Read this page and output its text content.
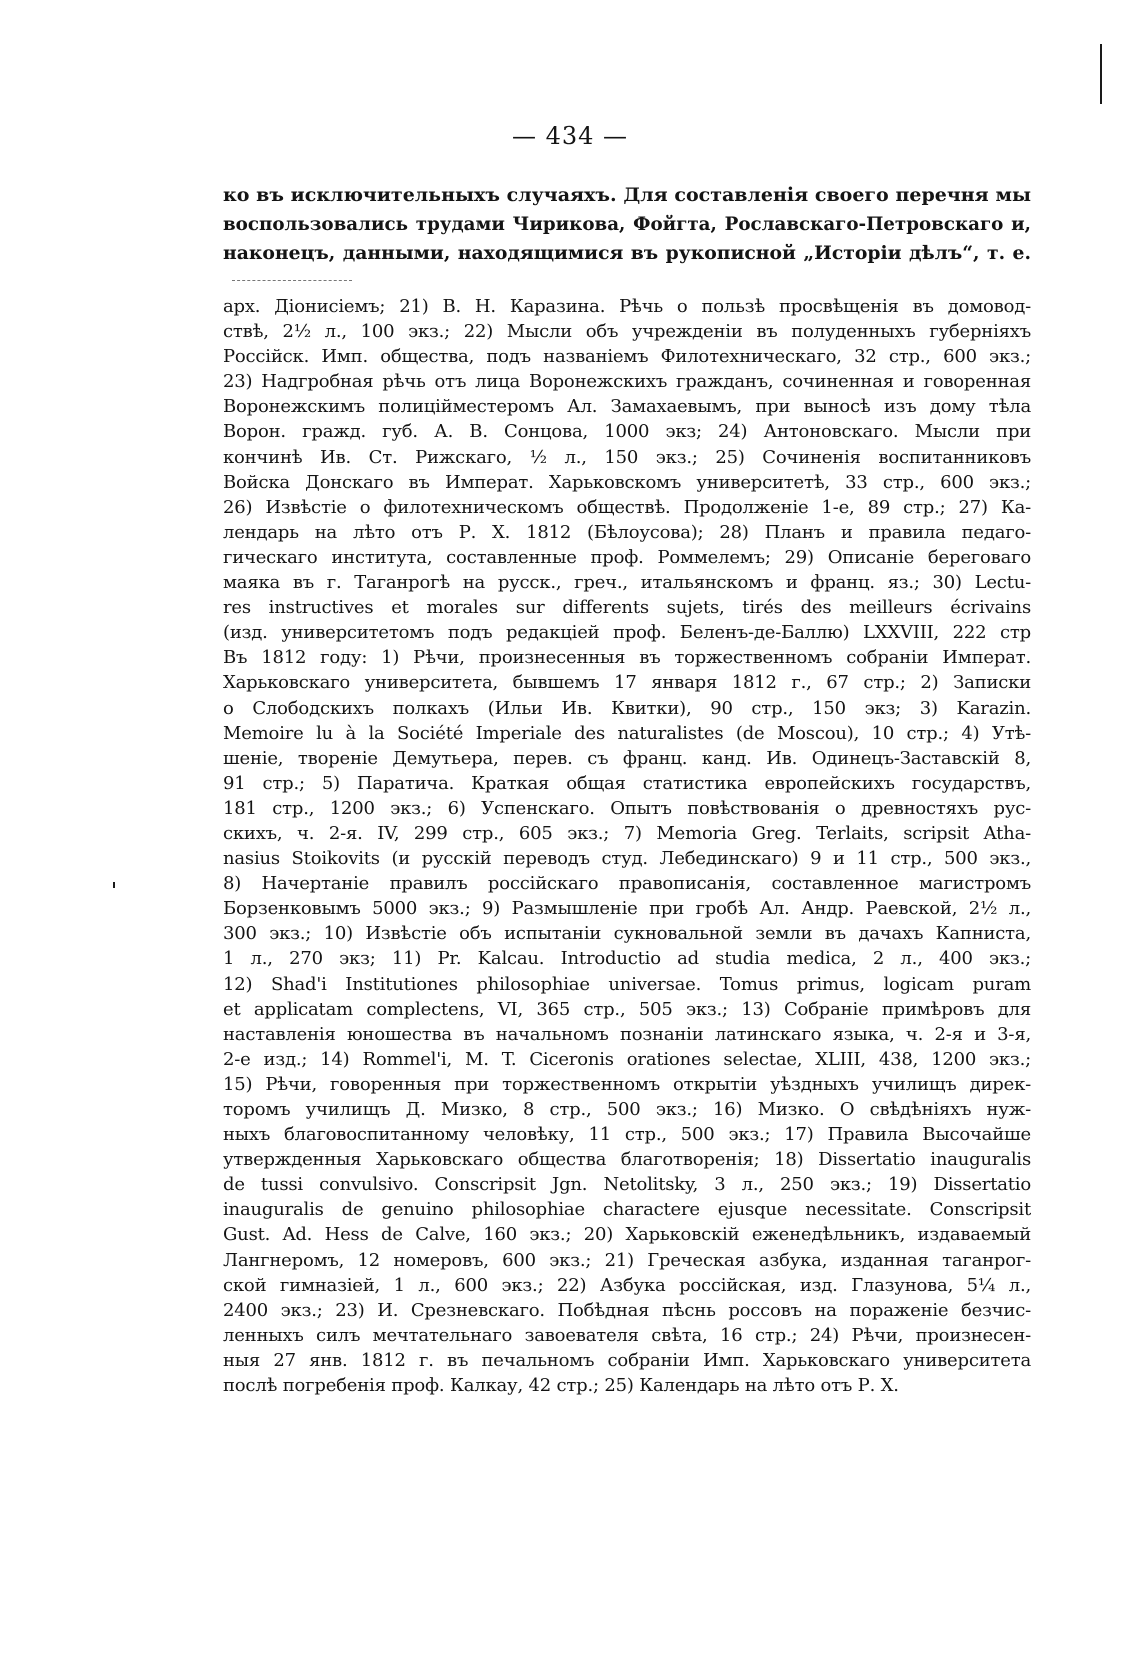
— 434 —
ко въ исключительныхъ случаяхъ. Для составленія своего перечня мы
воспользовались трудами Чирикова, Фойгта, Рославскаго-Петровскаго и,
наконецъ, данными, находящимися въ рукописной „Исторіи дѣлъ“, т. е.
арх. Діонисіемъ; 21) В. Н. Каразина. Рѣчь о пользѣ просвѣщенія въ домовод-
ствѣ, 2½ л., 100 экз.; 22) Мысли объ учрежденіи въ полуденныхъ губерніяхъ
Россійск. Имп. общества, подъ названіемъ Филотехническаго, 32 стр., 600 экз.;
23) Надгробная рѣчь отъ лица Воронежскихъ гражданъ, сочиненная и говоренная
Воронежскимъ полиційместеромъ Ал. Замахаевымъ, при выносѣ изъ дому тѣла
Ворон. гражд. губ. А. В. Сонцова, 1000 экз; 24) Антоновскаго. Мысли при
кончинѣ Ив. Ст. Рижскаго, ½ л., 150 экз.; 25) Сочиненія воспитанниковъ
Войска Донскаго въ Императ. Харьковскомъ университетѣ, 33 стр., 600 экз.;
26) Извѣстіе о филотехническомъ обществѣ. Продолженіе 1-е, 89 стр.; 27) Ка-
лендарь на лѣто отъ Р. Х. 1812 (Бѣлоусова); 28) Планъ и правила педаго-
гическаго института, составленные проф. Роммелемъ; 29) Описаніе береговаго
маяка въ г. Таганрогѣ на русск., греч., итальянскомъ и франц. яз.; 30) Lectu-
res instructives et morales sur differents sujets, tirés des meilleurs écrivains
(изд. университетомъ подъ редакціей проф. Беленъ-де-Баллю) LXXVIII, 222 стр
Въ 1812 году: 1) Рѣчи, произнесенныя въ торжественномъ собраніи Императ.
Харьковскаго университета, бывшемъ 17 января 1812 г., 67 стр.; 2) Записки
о Слободскихъ полкахъ (Ильи Ив. Квитки), 90 стр., 150 экз; 3) Karazin.
Memoire lu à la Société Imperiale des naturalistes (de Moscou), 10 стр.; 4) Утѣ-
шеніе, твореніе Демутьера, перев. съ франц. канд. Ив. Одинецъ-Заставскій 8,
91 стр.; 5) Паратича. Краткая общая статистика европейскихъ государствъ,
181 стр., 1200 экз.; 6) Успенскаго. Опытъ повѣствованія о древностяхъ рус-
скихъ, ч. 2-я. IV, 299 стр., 605 экз.; 7) Memoria Greg. Terlaits, scripsit Atha-
nasius Stoikovits (и русскій переводъ студ. Лебединскаго) 9 и 11 стр., 500 экз.,
8) Начертаніе правилъ россійскаго правописанія, составленное магистромъ
Борзенковымъ 5000 экз.; 9) Размышленіе при гробѣ Ал. Андр. Раевской, 2½ л.,
300 экз.; 10) Извѣстіе объ испытаніи сукновальной земли въ дачахъ Капниста,
1 л., 270 экз; 11) Pr. Kalcau. Introductio ad studia medica, 2 л., 400 экз.;
12) Shad'i Institutiones philosophiae universae. Tomus primus, logicam puram
et applicatam complectens, VI, 365 стр., 505 экз.; 13) Собраніе примѣровъ для
наставленія юношества въ начальномъ познаніи латинскаго языка, ч. 2-я и 3-я,
2-е изд.; 14) Rommel'i, M. T. Ciceronis orationes selectae, XLIII, 438, 1200 экз.;
15) Рѣчи, говоренныя при торжественномъ открытіи уѣздныхъ училищъ дирек-
торомъ училищъ Д. Мизко, 8 стр., 500 экз.; 16) Мизко. О свѣдѣніяхъ нуж-
ныхъ благовоспитанному человѣку, 11 стр., 500 экз.; 17) Правила Высочайше
утвержденныя Харьковскаго общества благотворенія; 18) Dissertatio inauguralis
de tussi convulsivo. Conscripsit Jgn. Netolitsky, 3 л., 250 экз.; 19) Dissertatio
inauguralis de genuino philosophiae charactere ejusque necessitate. Conscripsit
Gust. Ad. Hess de Calve, 160 экз.; 20) Харьковскій еженедѣльникъ, издаваемый
Лангнеромъ, 12 номеровъ, 600 экз.; 21) Греческая азбука, изданная таганрог-
ской гимназіей, 1 л., 600 экз.; 22) Азбука россійская, изд. Глазунова, 5¼ л.,
2400 экз.; 23) И. Срезневскаго. Побѣдная пѣснь россовъ на пораженіе безчис-
ленныхъ силъ мечтательнаго завоевателя свѣта, 16 стр.; 24) Рѣчи, произнесен-
ныя 27 янв. 1812 г. въ печальномъ собраніи Имп. Харьковскаго университета
послѣ погребенія проф. Калкау, 42 стр.; 25) Календарь на лѣто отъ Р. Х.
